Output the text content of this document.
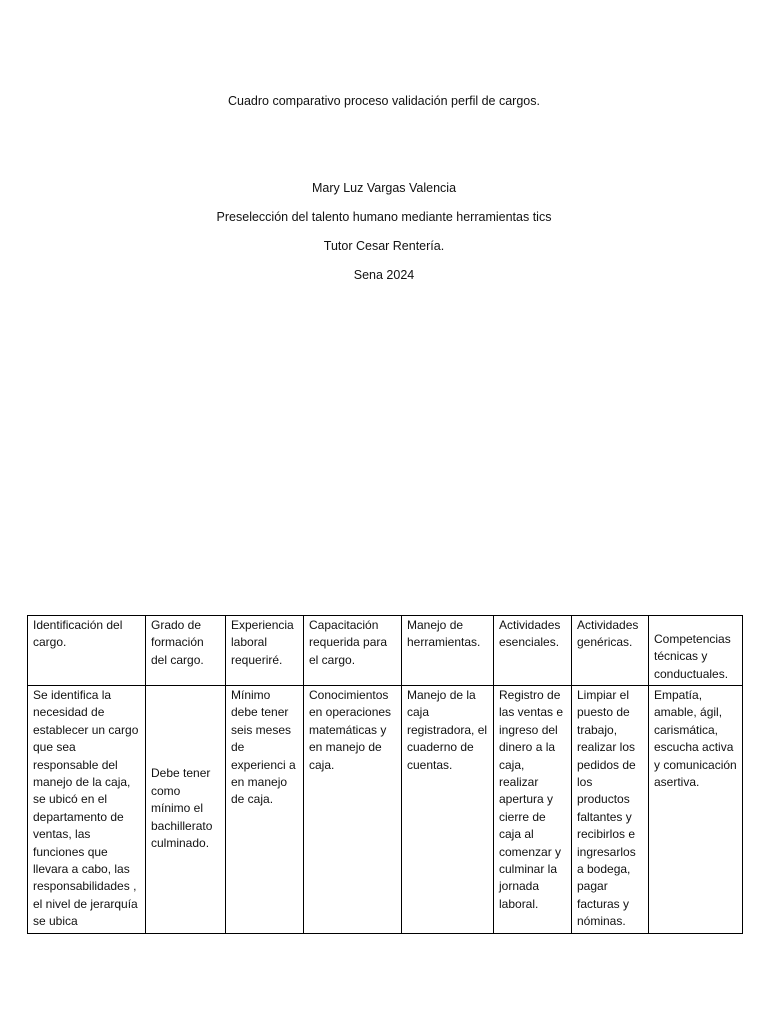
Cuadro comparativo proceso validación perfil de cargos.
Mary Luz Vargas Valencia
Preselección del talento humano mediante herramientas tics
Tutor Cesar Rentería.
Sena 2024
Identificación del cargo.	Grado de formación del cargo.	Experiencia laboral requeriré.	Capacitación requerida para el cargo.	Manejo de herramientas.	Actividades esenciales.	Actividades genéricas.	Competencias técnicas y conductuales.

Se identifica la necesidad de establecer un cargo que sea responsable del manejo de la caja, se ubicó en el departamento de ventas, las funciones que llevara a cabo, las responsabilidades , el nivel de jerarquía se ubica	Debe tener como mínimo el bachillerato culminado.	Mínimo debe tener seis meses de experienci a en manejo de caja.	Conocimientos en operaciones matemáticas y en manejo de caja.	Manejo de la caja registradora, el cuaderno de cuentas.	Registro de las ventas e ingreso del dinero a la caja, realizar apertura y cierre de caja al comenzar y culminar la jornada laboral.	Limpiar el puesto de trabajo, realizar los pedidos de los productos faltantes y recibirlos e ingresarlos a bodega, pagar facturas y nóminas.	Empatía, amable, ágil, carismática, escucha activa y comunicación asertiva.
